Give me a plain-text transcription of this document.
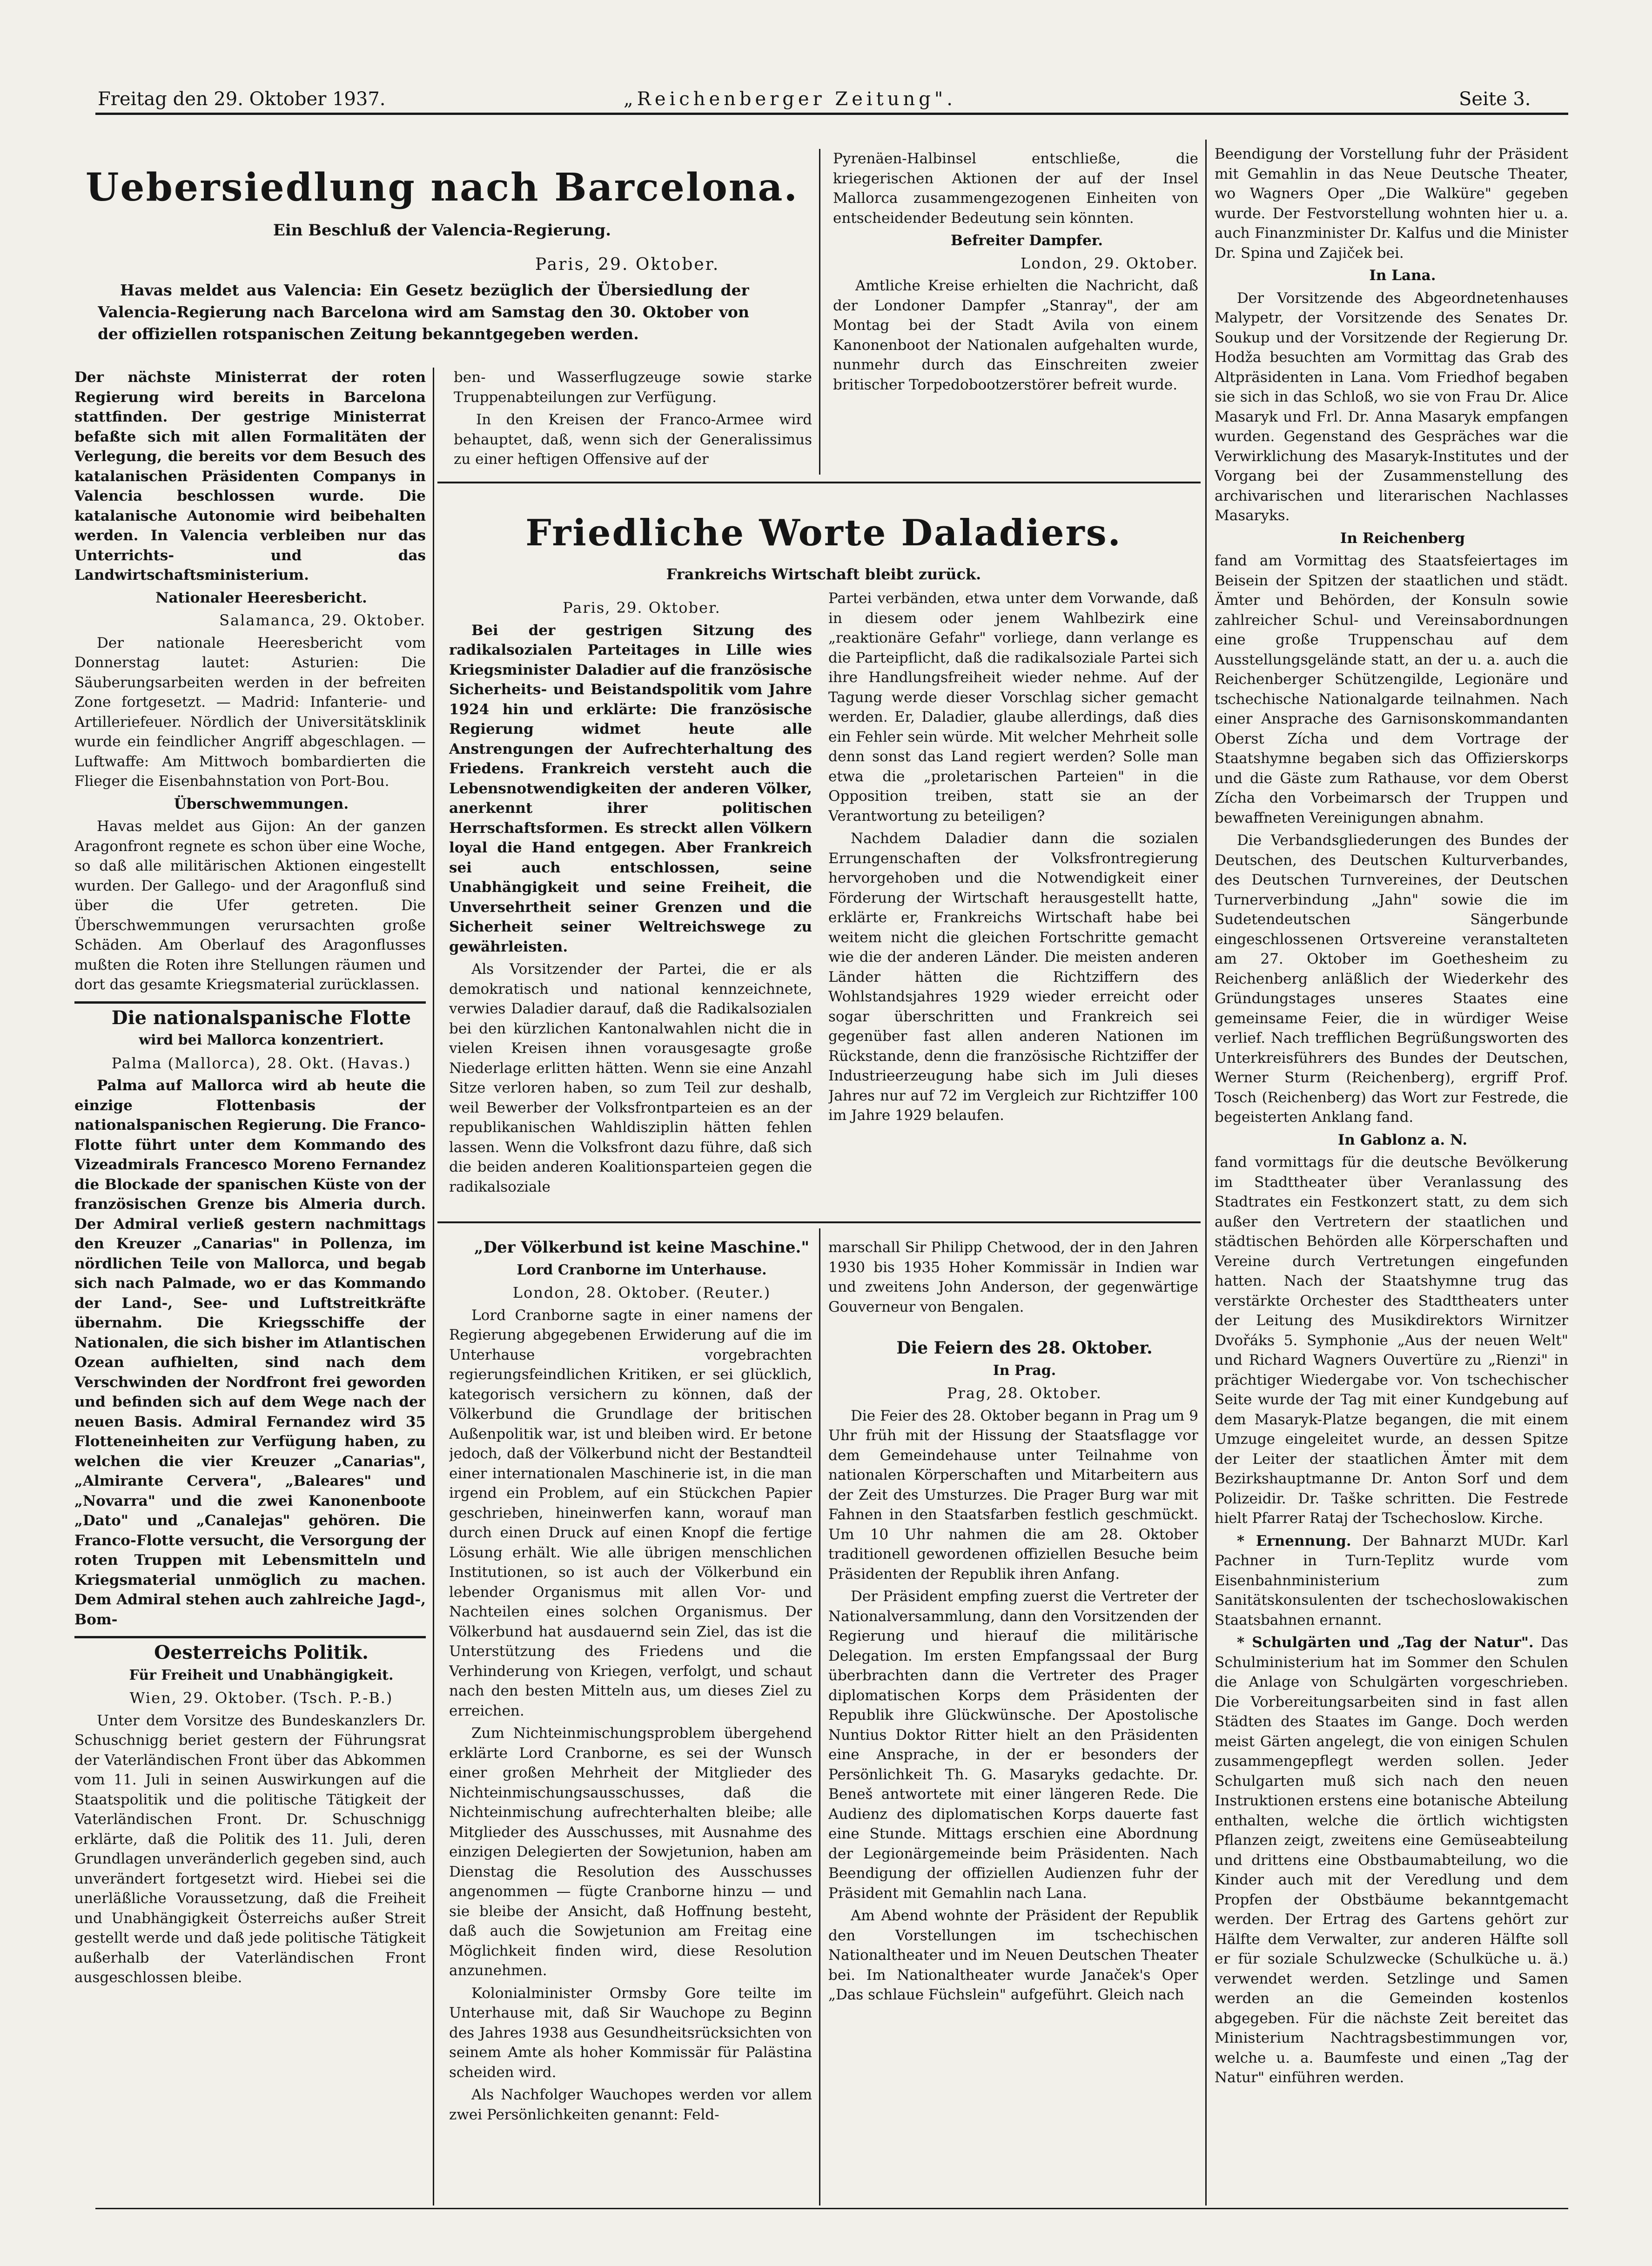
Freitag den 29. Oktober 1937.	„Reichenberger Zeitung".	Seite 3.
Uebersiedlung nach Barcelona.
Ein Beschluß der Valencia-Regierung.
Paris, 29. Oktober.

Havas meldet aus Valencia: Ein Gesetz bezüglich der Übersiedlung der Valencia-Regierung nach Barcelona wird am Samstag den 30. Oktober von der offiziellen rotspanischen Zeitung bekanntgegeben werden.

Der nächste Ministerrat der roten Regierung wird bereits in Barcelona stattfinden. Der gestrige Ministerrat befaßte sich mit allen Formalitäten der Verlegung, die bereits vor dem Besuch des katalanischen Präsidenten Companys in Valencia beschlossen wurde. Die katalanische Autonomie wird beibehalten werden. In Valencia verbleiben nur das Unterrichts- und das Landwirtschaftsministerium.

Nationaler Heeresbericht.

Salamanca, 29. Oktober.

Der nationale Heeresbericht vom Donnerstag lautet: Asturien: Die Säuberungsarbeiten werden in der befreiten Zone fortgesetzt. — Madrid: Infanterie- und Artilleriefeuer. Nördlich der Universitätsklinik wurde ein feindlicher Angriff abgeschlagen. — Luftwaffe: Am Mittwoch bombardierten die Flieger die Eisenbahnstation von Port-Bou.

Überschwemmungen.

Havas meldet aus Gijon: An der ganzen Aragonfront regnete es schon über eine Woche, so daß alle militärischen Aktionen eingestellt wurden. Der Gallego- und der Aragonfluß sind über die Ufer getreten. Die Überschwemmungen verursachten große Schäden. Am Oberlauf des Aragonflusses mußten die Roten ihre Stellungen räumen und dort das gesamte Kriegsmaterial zurücklassen.

Die nationalspanische Flotte

wird bei Mallorca konzentriert.

Palma (Mallorca), 28. Okt. (Havas.)

Palma auf Mallorca wird ab heute die einzige Flottenbasis der nationalspanischen Regierung. Die Franco-Flotte führt unter dem Kommando des Vizeadmirals Francesco Moreno Fernandez die Blockade der spanischen Küste von der französischen Grenze bis Almeria durch. Der Admiral verließ gestern nachmittags den Kreuzer „Canarias" in Pollenza, im nördlichen Teile von Mallorca, und begab sich nach Palmade, wo er das Kommando der Land-, See- und Luftstreitkräfte übernahm. Die Kriegsschiffe der Nationalen, die sich bisher im Atlantischen Ozean aufhielten, sind nach dem Verschwinden der Nordfront frei geworden und befinden sich auf dem Wege nach der neuen Basis. Admiral Fernandez wird 35 Flotteneinheiten zur Verfügung haben, zu welchen die vier Kreuzer „Canarias", „Almirante Cervera", „Baleares" und „Novarra" und die zwei Kanonenboote „Dato" und „Canalejas" gehören. Die Franco-Flotte versucht, die Versorgung der roten Truppen mit Lebensmitteln und Kriegsmaterial unmöglich zu machen. Dem Admiral stehen auch zahlreiche Jagd-, Bom-

Oesterreichs Politik.

Für Freiheit und Unabhängigkeit.

Wien, 29. Oktober. (Tsch. P.-B.)

Unter dem Vorsitze des Bundeskanzlers Dr. Schuschnigg beriet gestern der Führungsrat der Vaterländischen Front über das Abkommen vom 11. Juli in seinen Auswirkungen auf die Staatspolitik und die politische Tätigkeit der Vaterländischen Front. Dr. Schuschnigg erklärte, daß die Politik des 11. Juli, deren Grundlagen unveränderlich gegeben sind, auch unverändert fortgesetzt wird. Hiebei sei die unerläßliche Voraussetzung, daß die Freiheit und Unabhängigkeit Österreichs außer Streit gestellt werde und daß jede politische Tätigkeit außerhalb der Vaterländischen Front ausgeschlossen bleibe.

ben- und Wasserflugzeuge sowie starke Truppenabteilungen zur Verfügung.

In den Kreisen der Franco-Armee wird behauptet, daß, wenn sich der Generalissimus zu einer heftigen Offensive auf der

Pyrenäen-Halbinsel entschließe, die kriegerischen Aktionen der auf der Insel Mallorca zusammengezogenen Einheiten von entscheidender Bedeutung sein könnten.

Befreiter Dampfer.

London, 29. Oktober.

Amtliche Kreise erhielten die Nachricht, daß der Londoner Dampfer „Stanray", der am Montag bei der Stadt Avila von einem Kanonenboot der Nationalen aufgehalten wurde, nunmehr durch das Einschreiten zweier britischer Torpedobootzerstörer befreit wurde.

Friedliche Worte Daladiers.
Frankreichs Wirtschaft bleibt zurück.

Paris, 29. Oktober.

Bei der gestrigen Sitzung des radikalsozialen Parteitages in Lille wies Kriegsminister Daladier auf die französische Sicherheits- und Beistandspolitik vom Jahre 1924 hin und erklärte: Die französische Regierung widmet heute alle Anstrengungen der Aufrechterhaltung des Friedens. Frankreich versteht auch die Lebensnotwendigkeiten der anderen Völker, anerkennt ihrer politischen Herrschaftsformen. Es streckt allen Völkern loyal die Hand entgegen. Aber Frankreich sei auch entschlossen, seine Unabhängigkeit und seine Freiheit, die Unversehrtheit seiner Grenzen und die Sicherheit seiner Weltreichswege zu gewährleisten.

Als Vorsitzender der Partei, die er als demokratisch und national kennzeichnete, verwies Daladier darauf, daß die Radikalsozialen bei den kürzlichen Kantonalwahlen nicht die in vielen Kreisen ihnen vorausgesagte große Niederlage erlitten hätten. Wenn sie eine Anzahl Sitze verloren haben, so zum Teil zur deshalb, weil Bewerber der Volksfrontparteien es an der republikanischen Wahldisziplin hätten fehlen lassen. Wenn die Volksfront dazu führe, daß sich die beiden anderen Koalitionsparteien gegen die radikalsoziale

Partei verbänden, etwa unter dem Vorwande, daß in diesem oder jenem Wahlbezirk eine „reaktionäre Gefahr" vorliege, dann verlange es die Parteipflicht, daß die radikalsoziale Partei sich ihre Handlungsfreiheit wieder nehme. Auf der Tagung werde dieser Vorschlag sicher gemacht werden. Er, Daladier, glaube allerdings, daß dies ein Fehler sein würde. Mit welcher Mehrheit solle denn sonst das Land regiert werden? Solle man etwa die „proletarischen Parteien" in die Opposition treiben, statt sie an der Verantwortung zu beteiligen?

Nachdem Daladier dann die sozialen Errungenschaften der Volksfrontregierung hervorgehoben und die Notwendigkeit einer Förderung der Wirtschaft herausgestellt hatte, erklärte er, Frankreichs Wirtschaft habe bei weitem nicht die gleichen Fortschritte gemacht wie die der anderen Länder. Die meisten anderen Länder hätten die Richtziffern des Wohlstandsjahres 1929 wieder erreicht oder sogar überschritten und Frankreich sei gegenüber fast allen anderen Nationen im Rückstande, denn die französische Richtziffer der Industrieerzeugung habe sich im Juli dieses Jahres nur auf 72 im Vergleich zur Richtziffer 100 im Jahre 1929 belaufen.

„Der Völkerbund ist keine Maschine."

Lord Cranborne im Unterhause.

London, 28. Oktober. (Reuter.)

Lord Cranborne sagte in einer namens der Regierung abgegebenen Erwiderung auf die im Unterhause vorgebrachten regierungsfeindlichen Kritiken, er sei glücklich, kategorisch versichern zu können, daß der Völkerbund die Grundlage der britischen Außenpolitik war, ist und bleiben wird. Er betone jedoch, daß der Völkerbund nicht der Bestandteil einer internationalen Maschinerie ist, in die man irgend ein Problem, auf ein Stückchen Papier geschrieben, hineinwerfen kann, worauf man durch einen Druck auf einen Knopf die fertige Lösung erhält. Wie alle übrigen menschlichen Institutionen, so ist auch der Völkerbund ein lebender Organismus mit allen Vor- und Nachteilen eines solchen Organismus. Der Völkerbund hat ausdauernd sein Ziel, das ist die Unterstützung des Friedens und die Verhinderung von Kriegen, verfolgt, und schaut nach den besten Mitteln aus, um dieses Ziel zu erreichen.

Zum Nichteinmischungsproblem übergehend erklärte Lord Cranborne, es sei der Wunsch einer großen Mehrheit der Mitglieder des Nichteinmischungsausschusses, daß die Nichteinmischung aufrechterhalten bleibe; alle Mitglieder des Ausschusses, mit Ausnahme des einzigen Delegierten der Sowjetunion, haben am Dienstag die Resolution des Ausschusses angenommen — fügte Cranborne hinzu — und sie bleibe der Ansicht, daß Hoffnung besteht, daß auch die Sowjetunion am Freitag eine Möglichkeit finden wird, diese Resolution anzunehmen.

Kolonialminister Ormsby Gore teilte im Unterhause mit, daß Sir Wauchope zu Beginn des Jahres 1938 aus Gesundheitsrücksichten von seinem Amte als hoher Kommissär für Palästina scheiden wird.

Als Nachfolger Wauchopes werden vor allem zwei Persönlichkeiten genannt: Feld-

marschall Sir Philipp Chetwood, der in den Jahren 1930 bis 1935 Hoher Kommissär in Indien war und zweitens John Anderson, der gegenwärtige Gouverneur von Bengalen.

Die Feiern des 28. Oktober.

In Prag.

Prag, 28. Oktober.

Die Feier des 28. Oktober begann in Prag um 9 Uhr früh mit der Hissung der Staatsflagge vor dem Gemeindehause unter Teilnahme von nationalen Körperschaften und Mitarbeitern aus der Zeit des Umsturzes. Die Prager Burg war mit Fahnen in den Staatsfarben festlich geschmückt. Um 10 Uhr nahmen die am 28. Oktober traditionell gewordenen offiziellen Besuche beim Präsidenten der Republik ihren Anfang.

Der Präsident empfing zuerst die Vertreter der Nationalversammlung, dann den Vorsitzenden der Regierung und hierauf die militärische Delegation. Im ersten Empfangssaal der Burg überbrachten dann die Vertreter des Prager diplomatischen Korps dem Präsidenten der Republik ihre Glückwünsche. Der Apostolische Nuntius Doktor Ritter hielt an den Präsidenten eine Ansprache, in der er besonders der Persönlichkeit Th. G. Masaryks gedachte. Dr. Beneš antwortete mit einer längeren Rede. Die Audienz des diplomatischen Korps dauerte fast eine Stunde. Mittags erschien eine Abordnung der Legionärgemeinde beim Präsidenten. Nach Beendigung der offiziellen Audienzen fuhr der Präsident mit Gemahlin nach Lana.

Am Abend wohnte der Präsident der Republik den Vorstellungen im tschechischen Nationaltheater und im Neuen Deutschen Theater bei. Im Nationaltheater wurde Janaček's Oper „Das schlaue Füchslein" aufgeführt. Gleich nach

Beendigung der Vorstellung fuhr der Präsident mit Gemahlin in das Neue Deutsche Theater, wo Wagners Oper „Die Walküre" gegeben wurde. Der Festvorstellung wohnten hier u. a. auch Finanzminister Dr. Kalfus und die Minister Dr. Spina und Zajiček bei.

In Lana.

Der Vorsitzende des Abgeordnetenhauses Malypetr, der Vorsitzende des Senates Dr. Soukup und der Vorsitzende der Regierung Dr. Hodža besuchten am Vormittag das Grab des Altpräsidenten in Lana. Vom Friedhof begaben sie sich in das Schloß, wo sie von Frau Dr. Alice Masaryk und Frl. Dr. Anna Masaryk empfangen wurden. Gegenstand des Gespräches war die Verwirklichung des Masaryk-Institutes und der Vorgang bei der Zusammenstellung des archivarischen und literarischen Nachlasses Masaryks.

In Reichenberg

fand am Vormittag des Staatsfeiertages im Beisein der Spitzen der staatlichen und städt. Ämter und Behörden, der Konsuln sowie zahlreicher Schul- und Vereinsabordnungen eine große Truppenschau auf dem Ausstellungsgelände statt, an der u. a. auch die Reichenberger Schützengilde, Legionäre und tschechische Nationalgarde teilnahmen. Nach einer Ansprache des Garnisonskommandanten Oberst Zícha und dem Vortrage der Staatshymne begaben sich das Offizierskorps und die Gäste zum Rathause, vor dem Oberst Zícha den Vorbeimarsch der Truppen und bewaffneten Vereinigungen abnahm.

Die Verbandsgliederungen des Bundes der Deutschen, des Deutschen Kulturverbandes, des Deutschen Turnvereines, der Deutschen Turnerverbindung „Jahn" sowie die im Sudetendeutschen Sängerbunde eingeschlossenen Ortsvereine veranstalteten am 27. Oktober im Goethesheim zu Reichenberg anläßlich der Wiederkehr des Gründungstages unseres Staates eine gemeinsame Feier, die in würdiger Weise verlief. Nach trefflichen Begrüßungsworten des Unterkreisführers des Bundes der Deutschen, Werner Sturm (Reichenberg), ergriff Prof. Tosch (Reichenberg) das Wort zur Festrede, die begeisterten Anklang fand.

In Gablonz a. N.

fand vormittags für die deutsche Bevölkerung im Stadttheater über Veranlassung des Stadtrates ein Festkonzert statt, zu dem sich außer den Vertretern der staatlichen und städtischen Behörden alle Körperschaften und Vereine durch Vertretungen eingefunden hatten. Nach der Staatshymne trug das verstärkte Orchester des Stadttheaters unter der Leitung des Musikdirektors Wirnitzer Dvořáks 5. Symphonie „Aus der neuen Welt" und Richard Wagners Ouvertüre zu „Rienzi" in prächtiger Wiedergabe vor. Von tschechischer Seite wurde der Tag mit einer Kundgebung auf dem Masaryk-Platze begangen, die mit einem Umzuge eingeleitet wurde, an dessen Spitze der Leiter der staatlichen Ämter mit dem Bezirkshauptmanne Dr. Anton Sorf und dem Polizeidir. Dr. Taške schritten. Die Festrede hielt Pfarrer Rataj der Tschechoslow. Kirche.

* Ernennung. Der Bahnarzt MUDr. Karl Pachner in Turn-Teplitz wurde vom Eisenbahnministerium zum Sanitätskonsulenten der tschechoslowakischen Staatsbahnen ernannt.

* Schulgärten und „Tag der Natur". Das Schulministerium hat im Sommer den Schulen die Anlage von Schulgärten vorgeschrieben. Die Vorbereitungsarbeiten sind in fast allen Städten des Staates im Gange. Doch werden meist Gärten angelegt, die von einigen Schulen zusammengepflegt werden sollen. Jeder Schulgarten muß sich nach den neuen Instruktionen erstens eine botanische Abteilung enthalten, welche die örtlich wichtigsten Pflanzen zeigt, zweitens eine Gemüseabteilung und drittens eine Obstbaumabteilung, wo die Kinder auch mit der Veredlung und dem Propfen der Obstbäume bekanntgemacht werden. Der Ertrag des Gartens gehört zur Hälfte dem Verwalter, zur anderen Hälfte soll er für soziale Schulzwecke (Schulküche u. ä.) verwendet werden. Setzlinge und Samen werden an die Gemeinden kostenlos abgegeben. Für die nächste Zeit bereitet das Ministerium Nachtragsbestimmungen vor, welche u. a. Baumfeste und einen „Tag der Natur" einführen werden.
